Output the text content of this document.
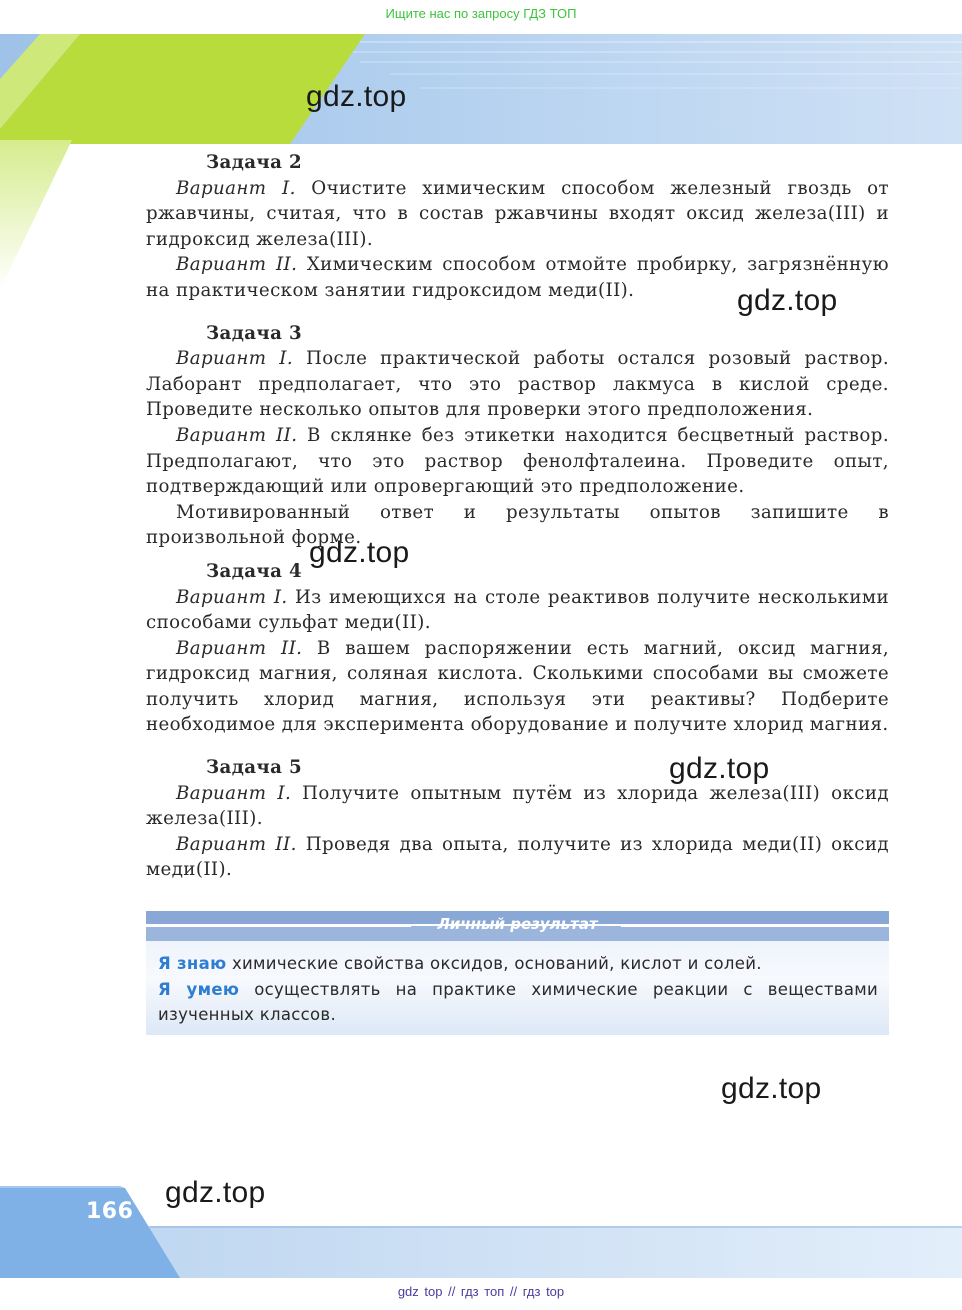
Ищите нас по запросу ГДЗ ТОП
gdz.top
gdz.top
gdz.top
gdz.top
gdz.top
gdz.top

Задача 2

Вариант I. Очистите химическим способом железный гвоздь от ржавчины, считая, что в состав ржавчины входят оксид железа(III) и гидроксид железа(III).

Вариант II. Химическим способом отмойте пробирку, загрязнённую на практическом занятии гидроксидом меди(II).

Задача 3

Вариант I. После практической работы остался розовый раствор. Лаборант предполагает, что это раствор лакмуса в кислой среде. Проведите несколько опытов для проверки этого предположения.

Вариант II. В склянке без этикетки находится бесцветный раствор. Предполагают, что это раствор фенолфталеина. Проведите опыт, подтверждающий или опровергающий это предположение.

Мотивированный ответ и результаты опытов запишите в произвольной форме.

Задача 4

Вариант I. Из имеющихся на столе реактивов получите несколькими способами сульфат меди(II).

Вариант II. В вашем распоряжении есть магний, оксид магния, гидроксид магния, соляная кислота. Сколькими способами вы сможете получить хлорид магния, используя эти реактивы? Подберите необходимое для эксперимента оборудование и получите хлорид магния.

Задача 5

Вариант I. Получите опытным путём из хлорида железа(III) оксид железа(III).

Вариант II. Проведя два опыта, получите из хлорида меди(II) оксид меди(II).

Личный результат
Я знаю химические свойства оксидов, оснований, кислот и солей.
Я умею осуществлять на практике химические реакции с веществами изученных классов.
166
gdz top // гдз топ // гдз top
